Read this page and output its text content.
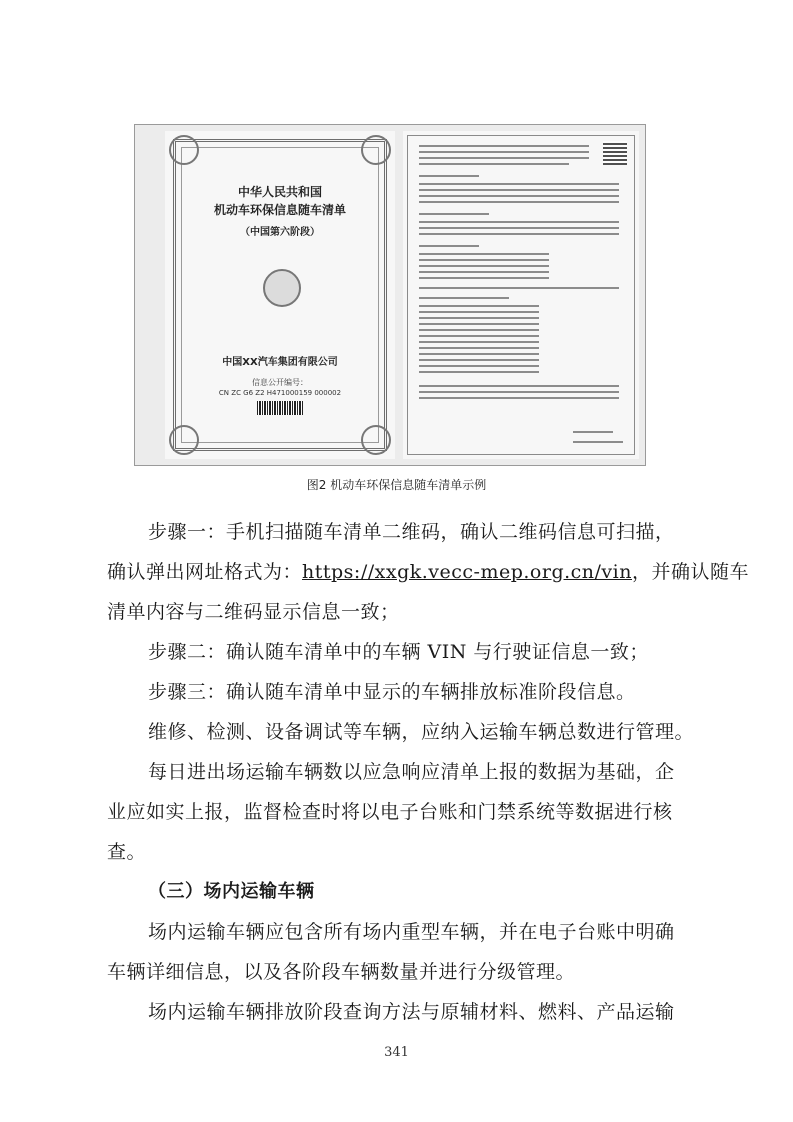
中华人民共和国
机动车环保信息随车清单
（中国第六阶段）
中国XX汽车集团有限公司
信息公开编号：
CN ZC G6 Z2 H471000159 000002
图2 机动车环保信息随车清单示例
步骤一：手机扫描随车清单二维码，确认二维码信息可扫描，
确认弹出网址格式为：https://xxgk.vecc-mep.org.cn/vin，并确认随车
清单内容与二维码显示信息一致；
步骤二：确认随车清单中的车辆 VIN 与行驶证信息一致；
步骤三：确认随车清单中显示的车辆排放标准阶段信息。
维修、检测、设备调试等车辆，应纳入运输车辆总数进行管理。
每日进出场运输车辆数以应急响应清单上报的数据为基础，企
业应如实上报，监督检查时将以电子台账和门禁系统等数据进行核
查。
（三）场内运输车辆
场内运输车辆应包含所有场内重型车辆，并在电子台账中明确
车辆详细信息，以及各阶段车辆数量并进行分级管理。
场内运输车辆排放阶段查询方法与原辅材料、燃料、产品运输
341
